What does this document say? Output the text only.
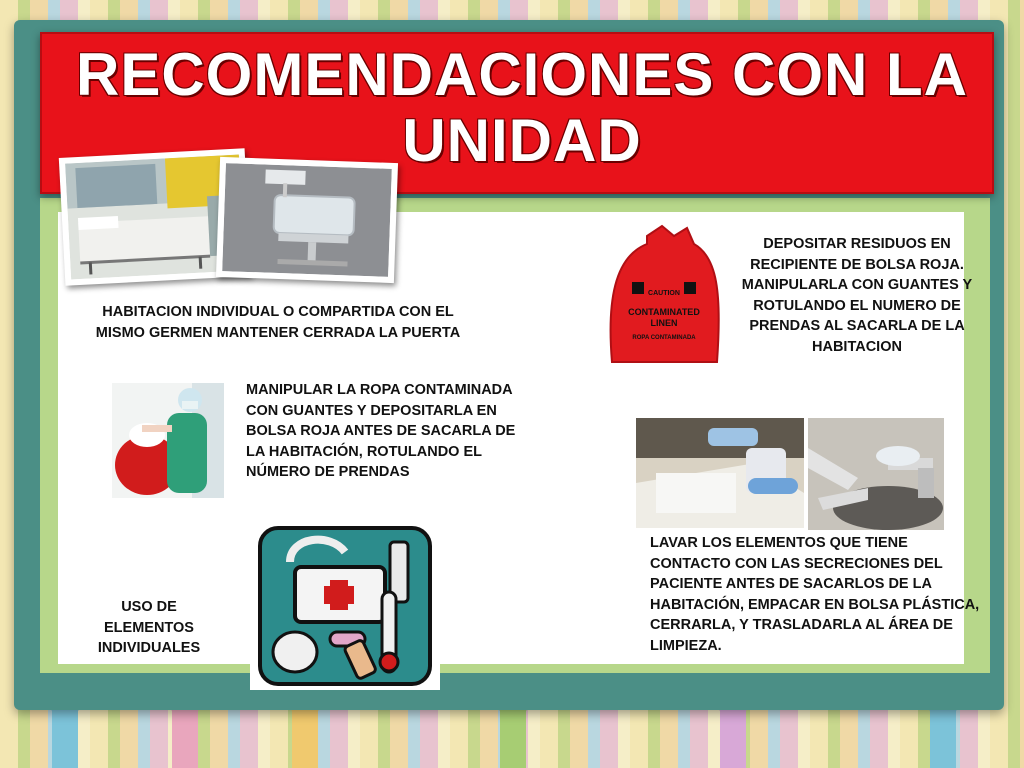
RECOMENDACIONES CON LA UNIDAD
HABITACION INDIVIDUAL O COMPARTIDA CON EL MISMO GERMEN MANTENER CERRADA LA PUERTA
MANIPULAR LA ROPA CONTAMINADA CON GUANTES Y DEPOSITARLA EN BOLSA ROJA ANTES DE SACARLA DE LA HABITACIÓN, ROTULANDO EL NÚMERO DE PRENDAS
USO DE ELEMENTOS INDIVIDUALES
CAUTION
CONTAMINATED
LINEN
ROPA CONTAMINADA
DEPOSITAR RESIDUOS EN RECIPIENTE DE BOLSA ROJA. MANIPULARLA CON GUANTES Y ROTULANDO EL NUMERO DE PRENDAS AL SACARLA DE LA HABITACION
LAVAR LOS ELEMENTOS QUE TIENE CONTACTO CON LAS SECRECIONES DEL PACIENTE ANTES DE SACARLOS DE LA HABITACIÓN, EMPACAR EN BOLSA PLÁSTICA, CERRARLA, Y TRASLADARLA AL ÁREA DE LIMPIEZA.
